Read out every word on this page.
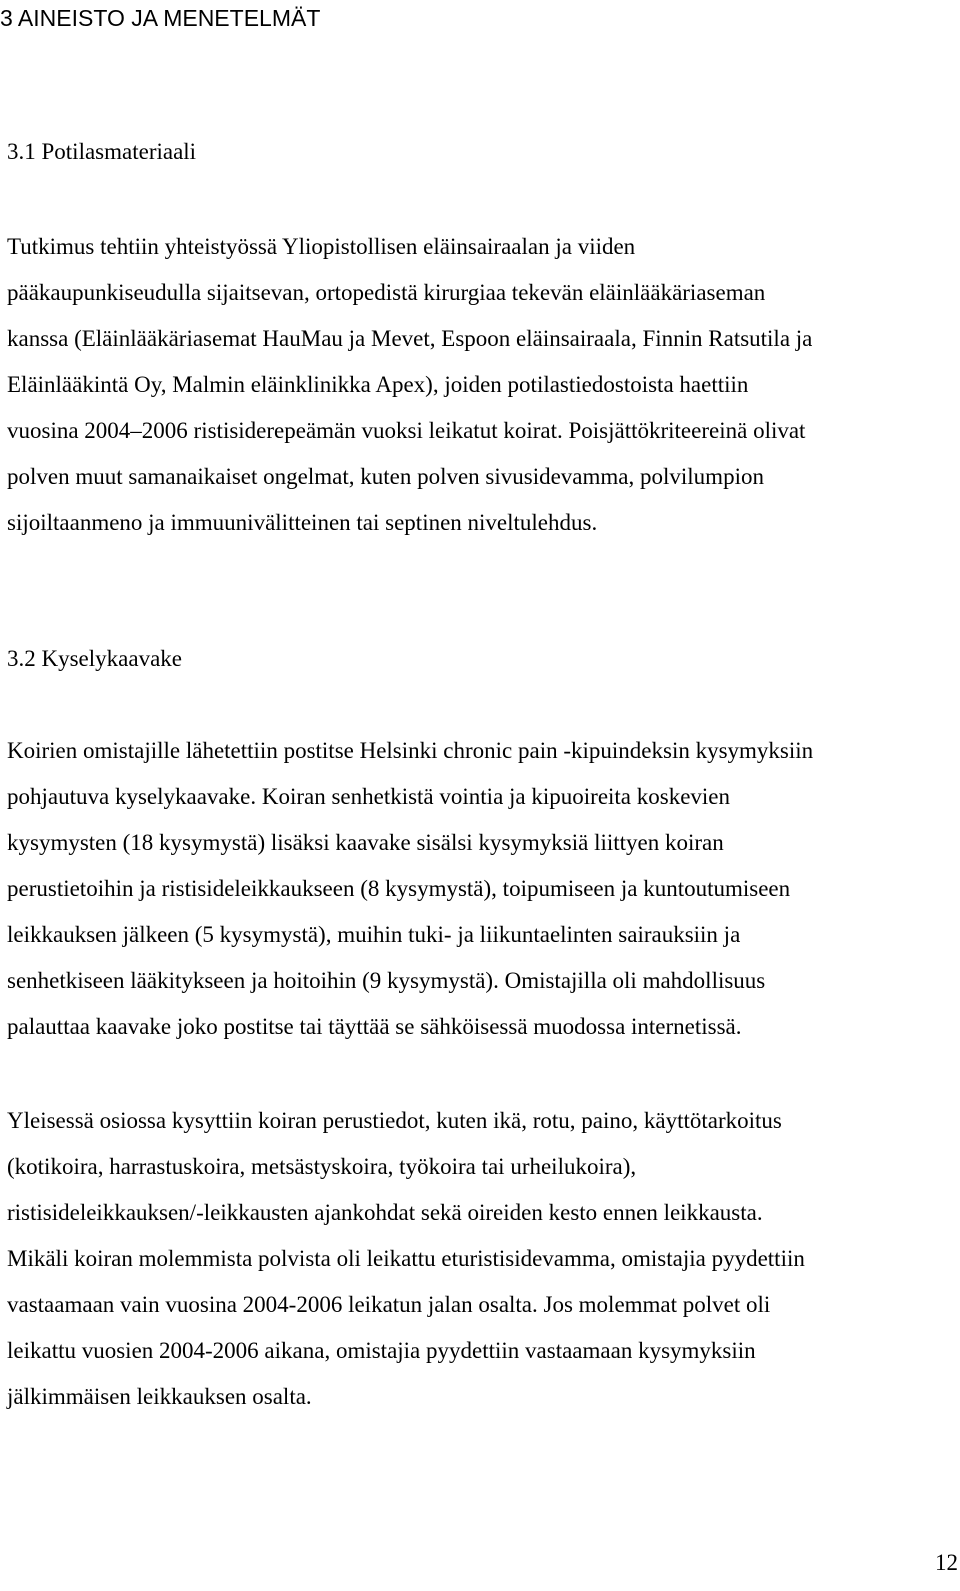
3 AINEISTO JA MENETELMÄT
3.1 Potilasmateriaali
Tutkimus tehtiin yhteistyössä Yliopistollisen eläinsairaalan ja viiden
pääkaupunkiseudulla sijaitsevan, ortopedistä kirurgiaa tekevän eläinlääkäriaseman
kanssa (Eläinlääkäriasemat HauMau ja Mevet, Espoon eläinsairaala, Finnin Ratsutila ja
Eläinlääkintä Oy, Malmin eläinklinikka Apex), joiden potilastiedostoista haettiin
vuosina 2004–2006 ristisiderepeämän vuoksi leikatut koirat. Poisjättökriteereinä olivat
polven muut samanaikaiset ongelmat, kuten polven sivusidevamma, polvilumpion
sijoiltaanmeno ja immuunivälitteinen tai septinen niveltulehdus.
3.2 Kyselykaavake
Koirien omistajille lähetettiin postitse Helsinki chronic pain -kipuindeksin kysymyksiin
pohjautuva kyselykaavake. Koiran senhetkistä vointia ja kipuoireita koskevien
kysymysten (18 kysymystä) lisäksi kaavake sisälsi kysymyksiä liittyen koiran
perustietoihin ja ristisideleikkaukseen (8 kysymystä), toipumiseen ja kuntoutumiseen
leikkauksen jälkeen (5 kysymystä), muihin tuki- ja liikuntaelinten sairauksiin ja
senhetkiseen lääkitykseen ja hoitoihin (9 kysymystä). Omistajilla oli mahdollisuus
palauttaa kaavake joko postitse tai täyttää se sähköisessä muodossa internetissä.
Yleisessä osiossa kysyttiin koiran perustiedot, kuten ikä, rotu, paino, käyttötarkoitus
(kotikoira, harrastuskoira, metsästyskoira, työkoira tai urheilukoira),
ristisideleikkauksen/-leikkausten ajankohdat sekä oireiden kesto ennen leikkausta.
Mikäli koiran molemmista polvista oli leikattu eturistisidevamma, omistajia pyydettiin
vastaamaan vain vuosina 2004-2006 leikatun jalan osalta. Jos molemmat polvet oli
leikattu vuosien 2004-2006 aikana, omistajia pyydettiin vastaamaan kysymyksiin
jälkimmäisen leikkauksen osalta.
12
